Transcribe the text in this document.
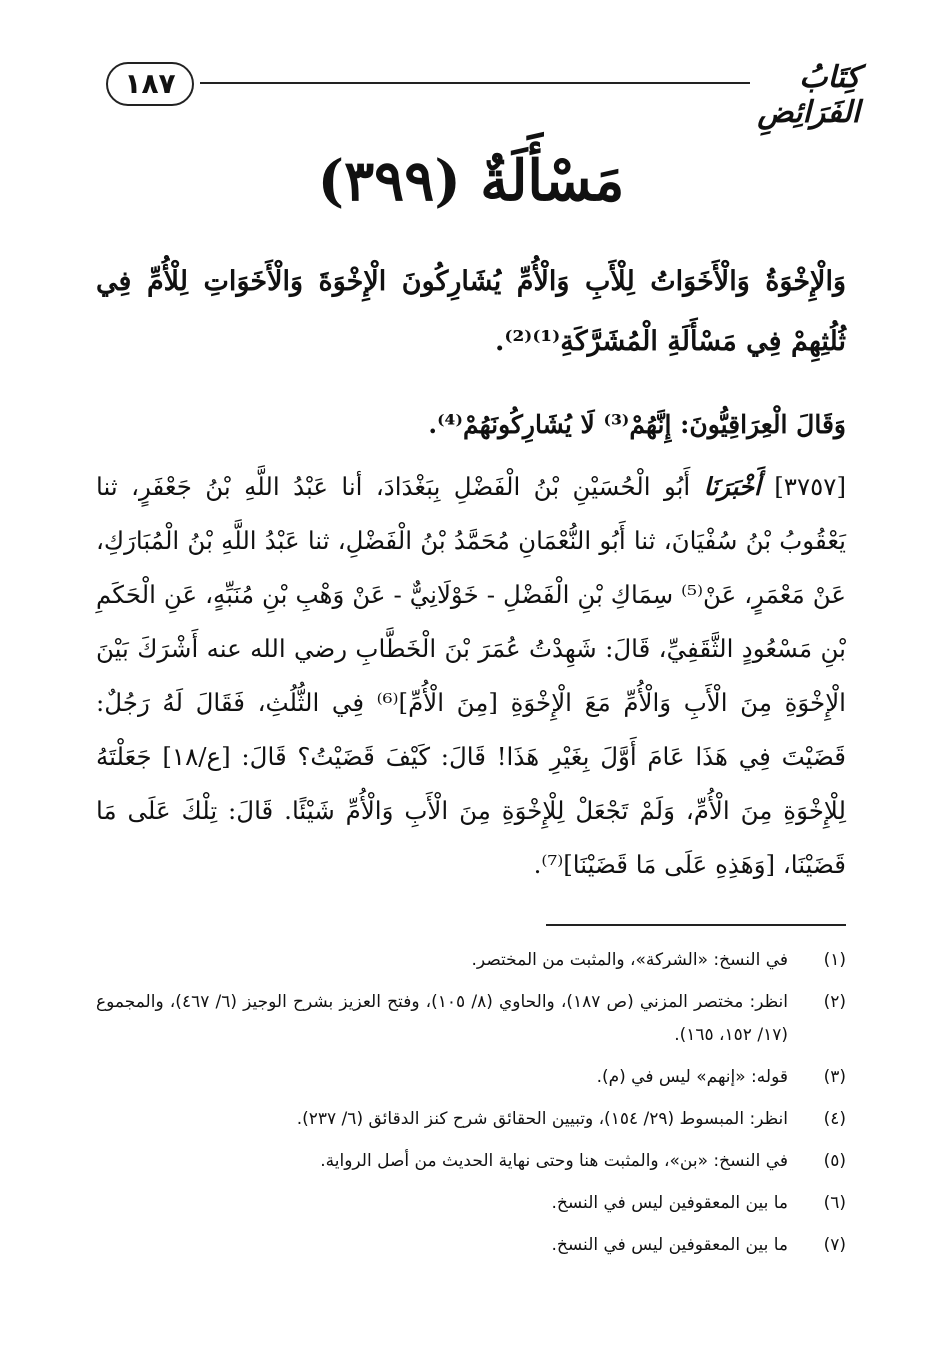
١٨٧	كِتَابُ الفَرَائِضِ
مَسْأَلَةٌ (٣٩٩)
وَالْإِخْوَةُ وَالْأَخَوَاتُ لِلْأَبِ وَالْأُمِّ يُشَارِكُونَ الْإِخْوَةَ وَالْأَخَوَاتِ لِلْأُمِّ فِي ثُلُثِهِمْ فِي مَسْأَلَةِ الْمُشَرَّكَةِ⁽¹⁾⁽²⁾.
وَقَالَ الْعِرَاقِيُّونَ: إِنَّهُمْ⁽³⁾ لَا يُشَارِكُونَهُمْ⁽⁴⁾.
[٣٧٥٧] أَخْبَرَنَا أَبُو الْحُسَيْنِ بْنُ الْفَضْلِ بِبَغْدَادَ، أنا عَبْدُ اللَّهِ بْنُ جَعْفَرٍ، ثنا يَعْقُوبُ بْنُ سُفْيَانَ، ثنا أَبُو النُّعْمَانِ مُحَمَّدُ بْنُ الْفَضْلِ، ثنا عَبْدُ اللَّهِ بْنُ الْمُبَارَكِ، عَنْ مَعْمَرٍ، عَنْ⁽⁵⁾ سِمَاكِ بْنِ الْفَضْلِ - خَوْلَانِيٌّ - عَنْ وَهْبِ بْنِ مُنَبِّهٍ، عَنِ الْحَكَمِ بْنِ مَسْعُودٍ الثَّقَفِيِّ، قَالَ: شَهِدْتُ عُمَرَ بْنَ الْخَطَّابِ رضي الله عنه أَشْرَكَ بَيْنَ الْإِخْوَةِ مِنَ الْأَبِ وَالْأُمِّ مَعَ الْإِخْوَةِ [مِنَ الْأُمِّ]⁽⁶⁾ فِي الثُّلُثِ، فَقَالَ لَهُ رَجُلٌ: قَضَيْتَ فِي هَذَا عَامَ أَوَّلَ بِغَيْرِ هَذَا! قَالَ: كَيْفَ قَضَيْتُ؟ قَالَ: [ع/١٨] جَعَلْتَهُ لِلْإِخْوَةِ مِنَ الْأُمِّ، وَلَمْ تَجْعَلْ لِلْإِخْوَةِ مِنَ الْأَبِ وَالْأُمِّ شَيْئًا. قَالَ: تِلْكَ عَلَى مَا قَضَيْنَا، [وَهَذِهِ عَلَى مَا قَضَيْنَا]⁽⁷⁾.
(١)
في النسخ: «الشركة»، والمثبت من المختصر.
(٢)
انظر: مختصر المزني (ص ١٨٧)، والحاوي (٨/ ١٠٥)، وفتح العزيز بشرح الوجيز (٦/ ٤٦٧)، والمجموع (١٧/ ١٥٢، ١٦٥).
(٣)
قوله: «إنهم» ليس في (م).
(٤)
انظر: المبسوط (٢٩/ ١٥٤)، وتبيين الحقائق شرح كنز الدقائق (٦/ ٢٣٧).
(٥)
في النسخ: «بن»، والمثبت هنا وحتى نهاية الحديث من أصل الرواية.
(٦)
ما بين المعقوفين ليس في النسخ.
(٧)
ما بين المعقوفين ليس في النسخ.
